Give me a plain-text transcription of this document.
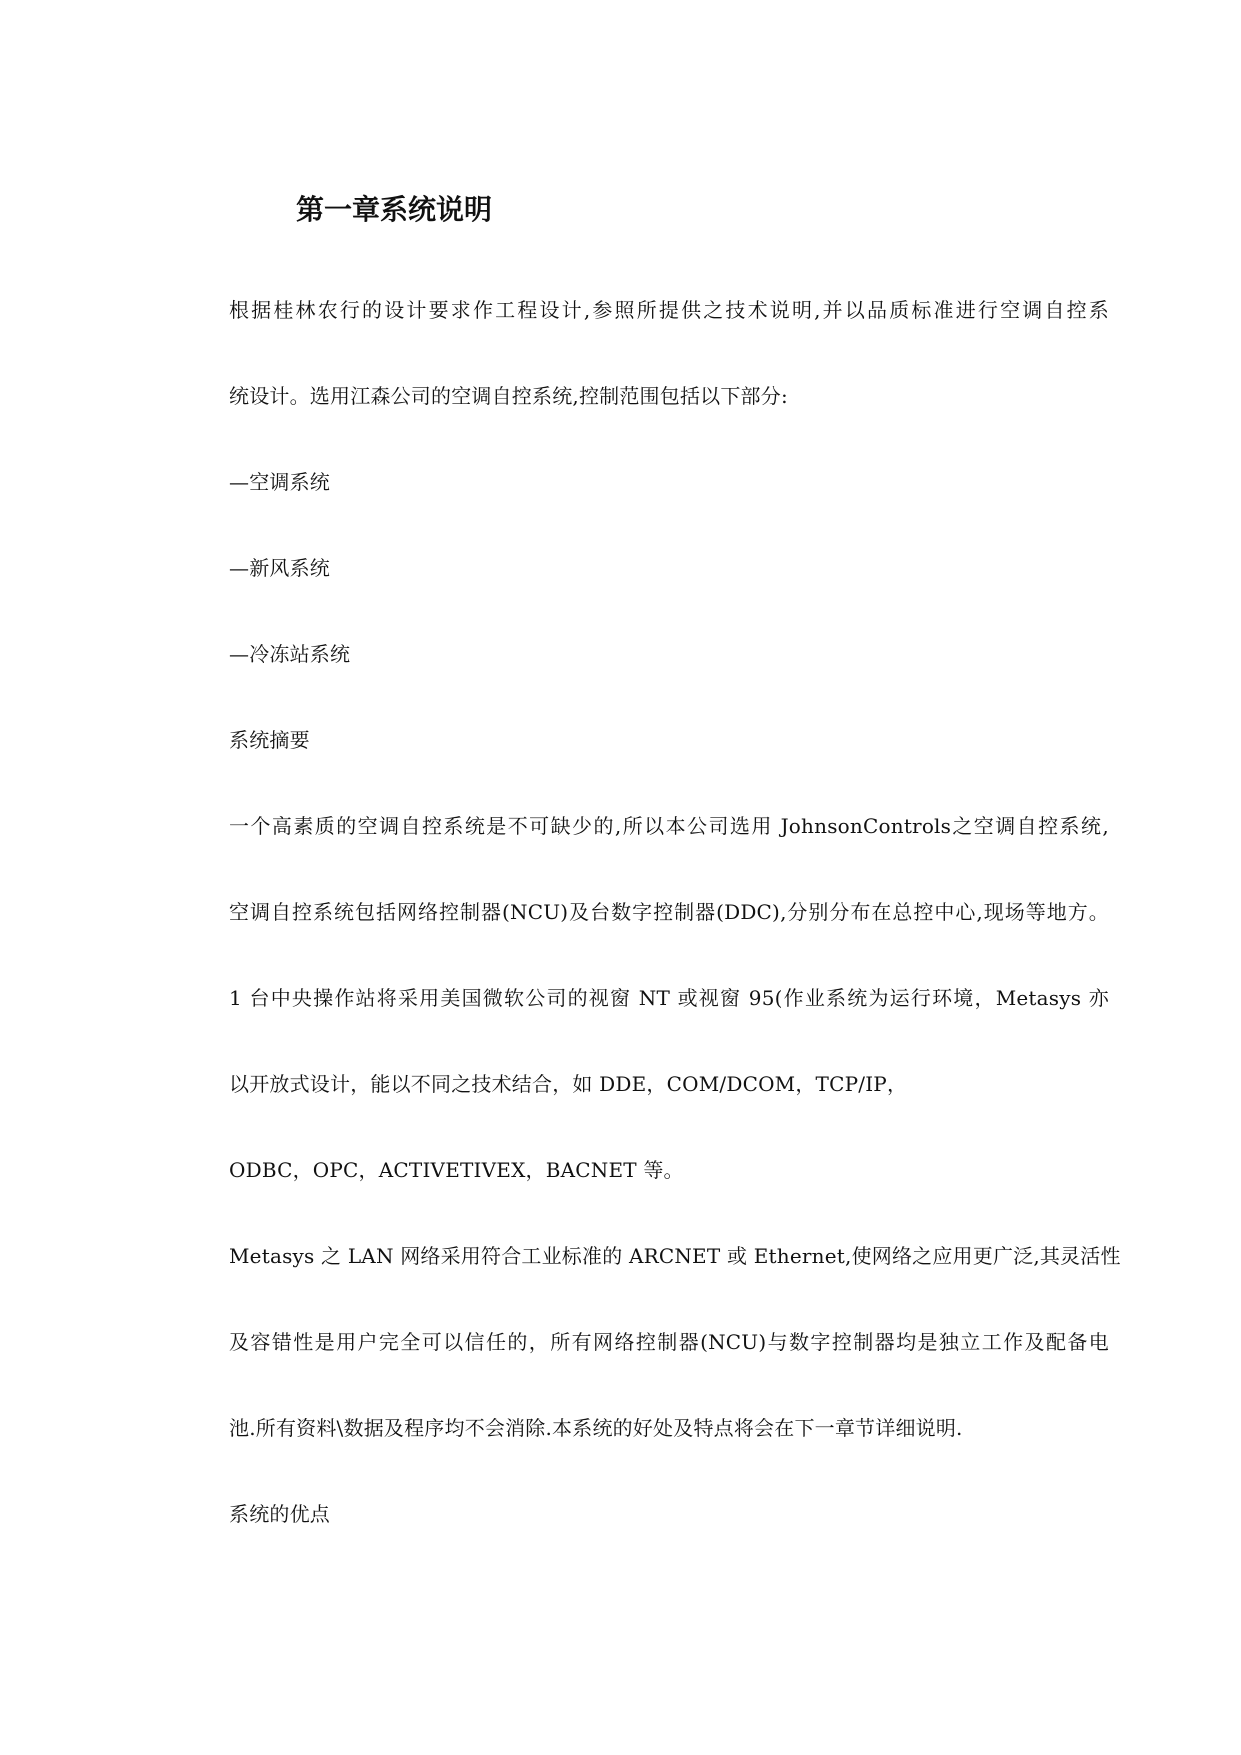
第一章系统说明
根据桂林农行的设计要求作工程设计,参照所提供之技术说明,并以品质标准进行空调自控系
统设计。选用江森公司的空调自控系统,控制范围包括以下部分:
—空调系统
—新风系统
—冷冻站系统
系统摘要
一个高素质的空调自控系统是不可缺少的,所以本公司选用 JohnsonControls之空调自控系统,
空调自控系统包括网络控制器(NCU)及台数字控制器(DDC),分别分布在总控中心,现场等地方。
1 台中央操作站将采用美国微软公司的视窗 NT 或视窗 95(作业系统为运行环境，Metasys 亦
以开放式设计，能以不同之技术结合，如 DDE，COM/DCOM，TCP/IP，
ODBC，OPC，ACTIVETIVEX，BACNET 等。
Metasys 之 LAN 网络采用符合工业标准的 ARCNET 或 Ethernet,使网络之应用更广泛,其灵活性
及容错性是用户完全可以信任的，所有网络控制器(NCU)与数字控制器均是独立工作及配备电
池.所有资料\数据及程序均不会消除.本系统的好处及特点将会在下一章节详细说明.
系统的优点
